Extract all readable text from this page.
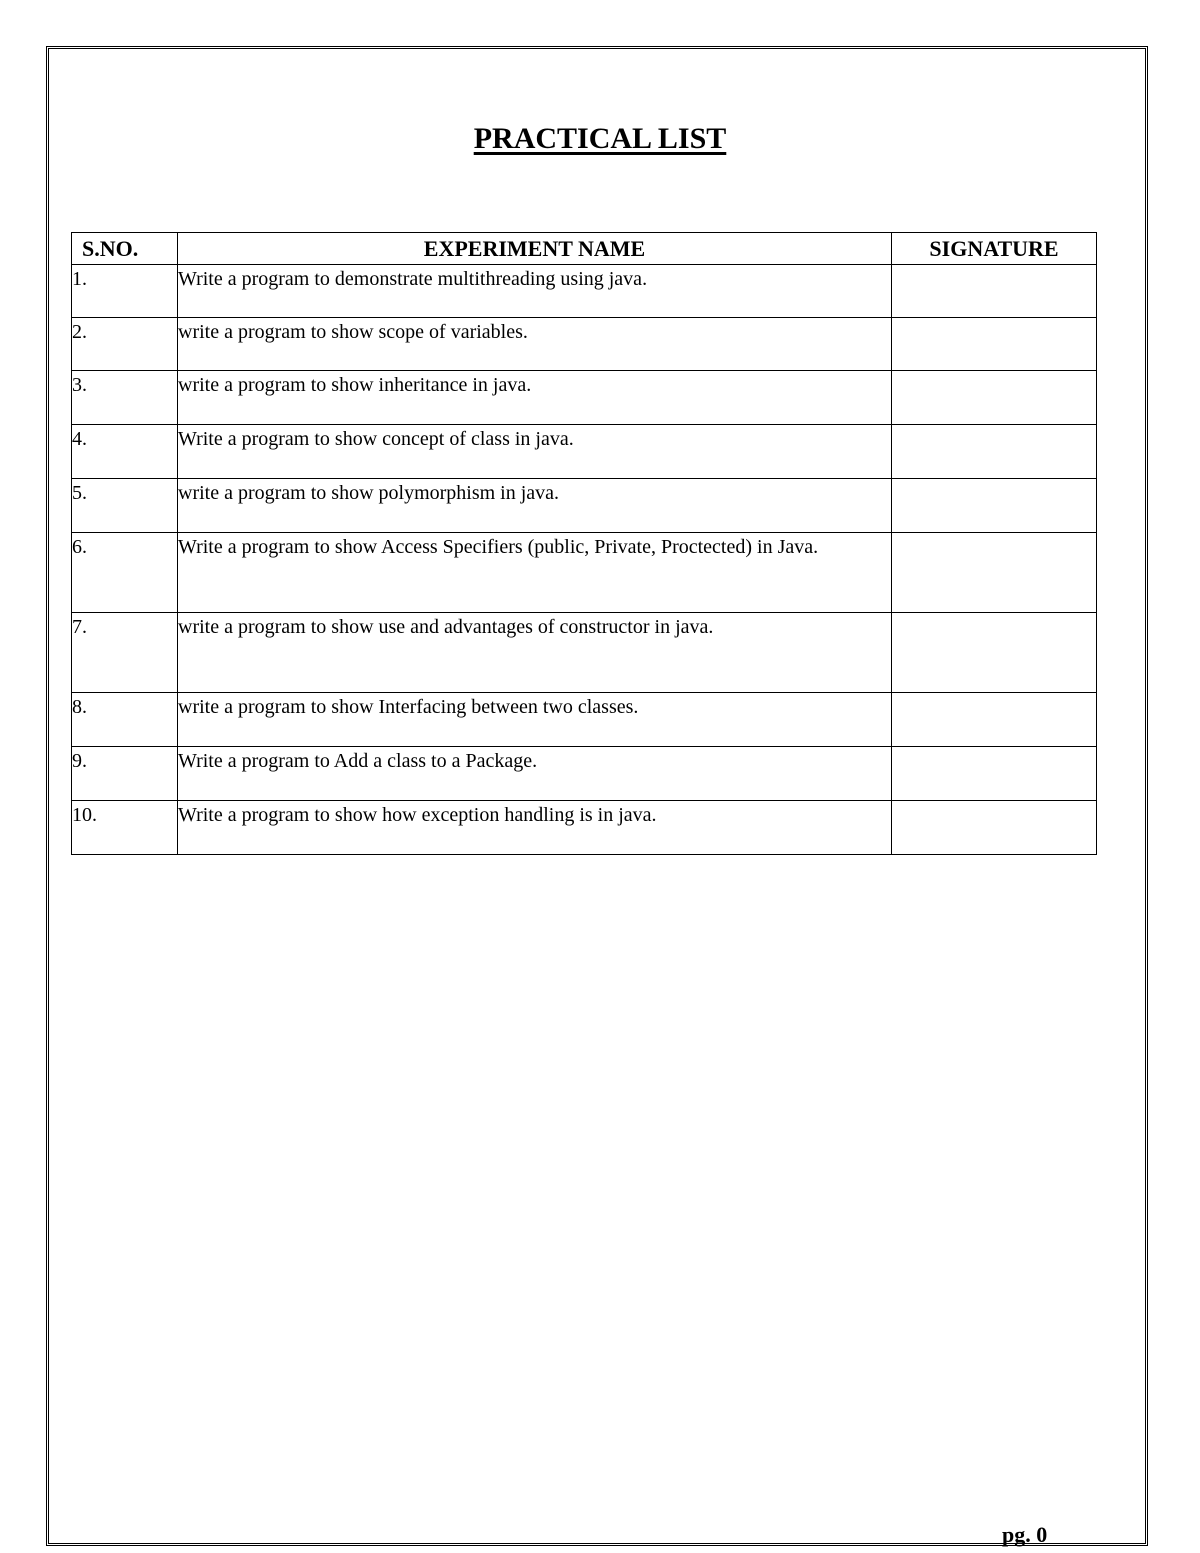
PRACTICAL LIST
S.NO.	EXPERIMENT NAME	SIGNATURE
1.	Write a program to demonstrate multithreading using java.	
2.	write a program to show scope of variables.	
3.	write a program to show inheritance in java.	
4.	Write a program to show concept of class in java.	
5.	write a program to show polymorphism in java.	
6.	Write a program to show Access Specifiers (public, Private, Proctected) in Java.	
7.	write a program to show use and advantages of constructor in java.	
8.	write a program to show Interfacing between two classes.	
9.	Write a program to Add a class to a Package.	
10.	Write a program to show how exception handling is in java.	
pg. 0
